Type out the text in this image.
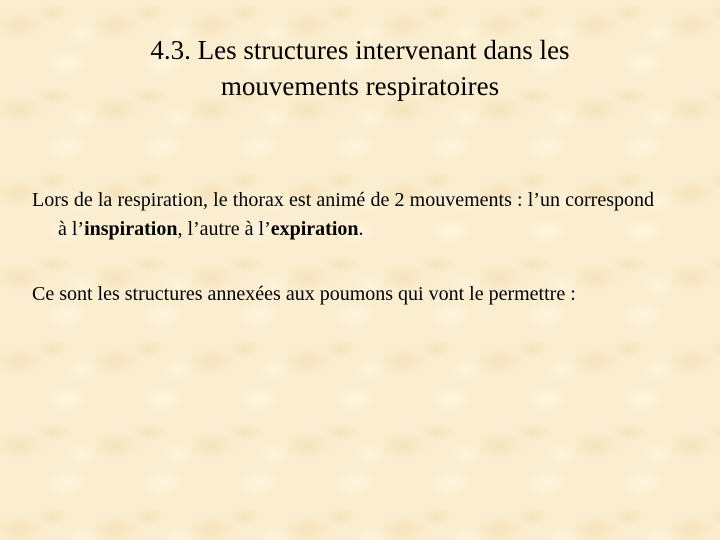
4.3. Les structures intervenant dans les
mouvements respiratoires

Lors de la respiration, le thorax est animé de 2 mouvements : l’un correspond à l’inspiration, l’autre à l’expiration.

Ce sont les structures annexées aux poumons qui vont le permettre :
